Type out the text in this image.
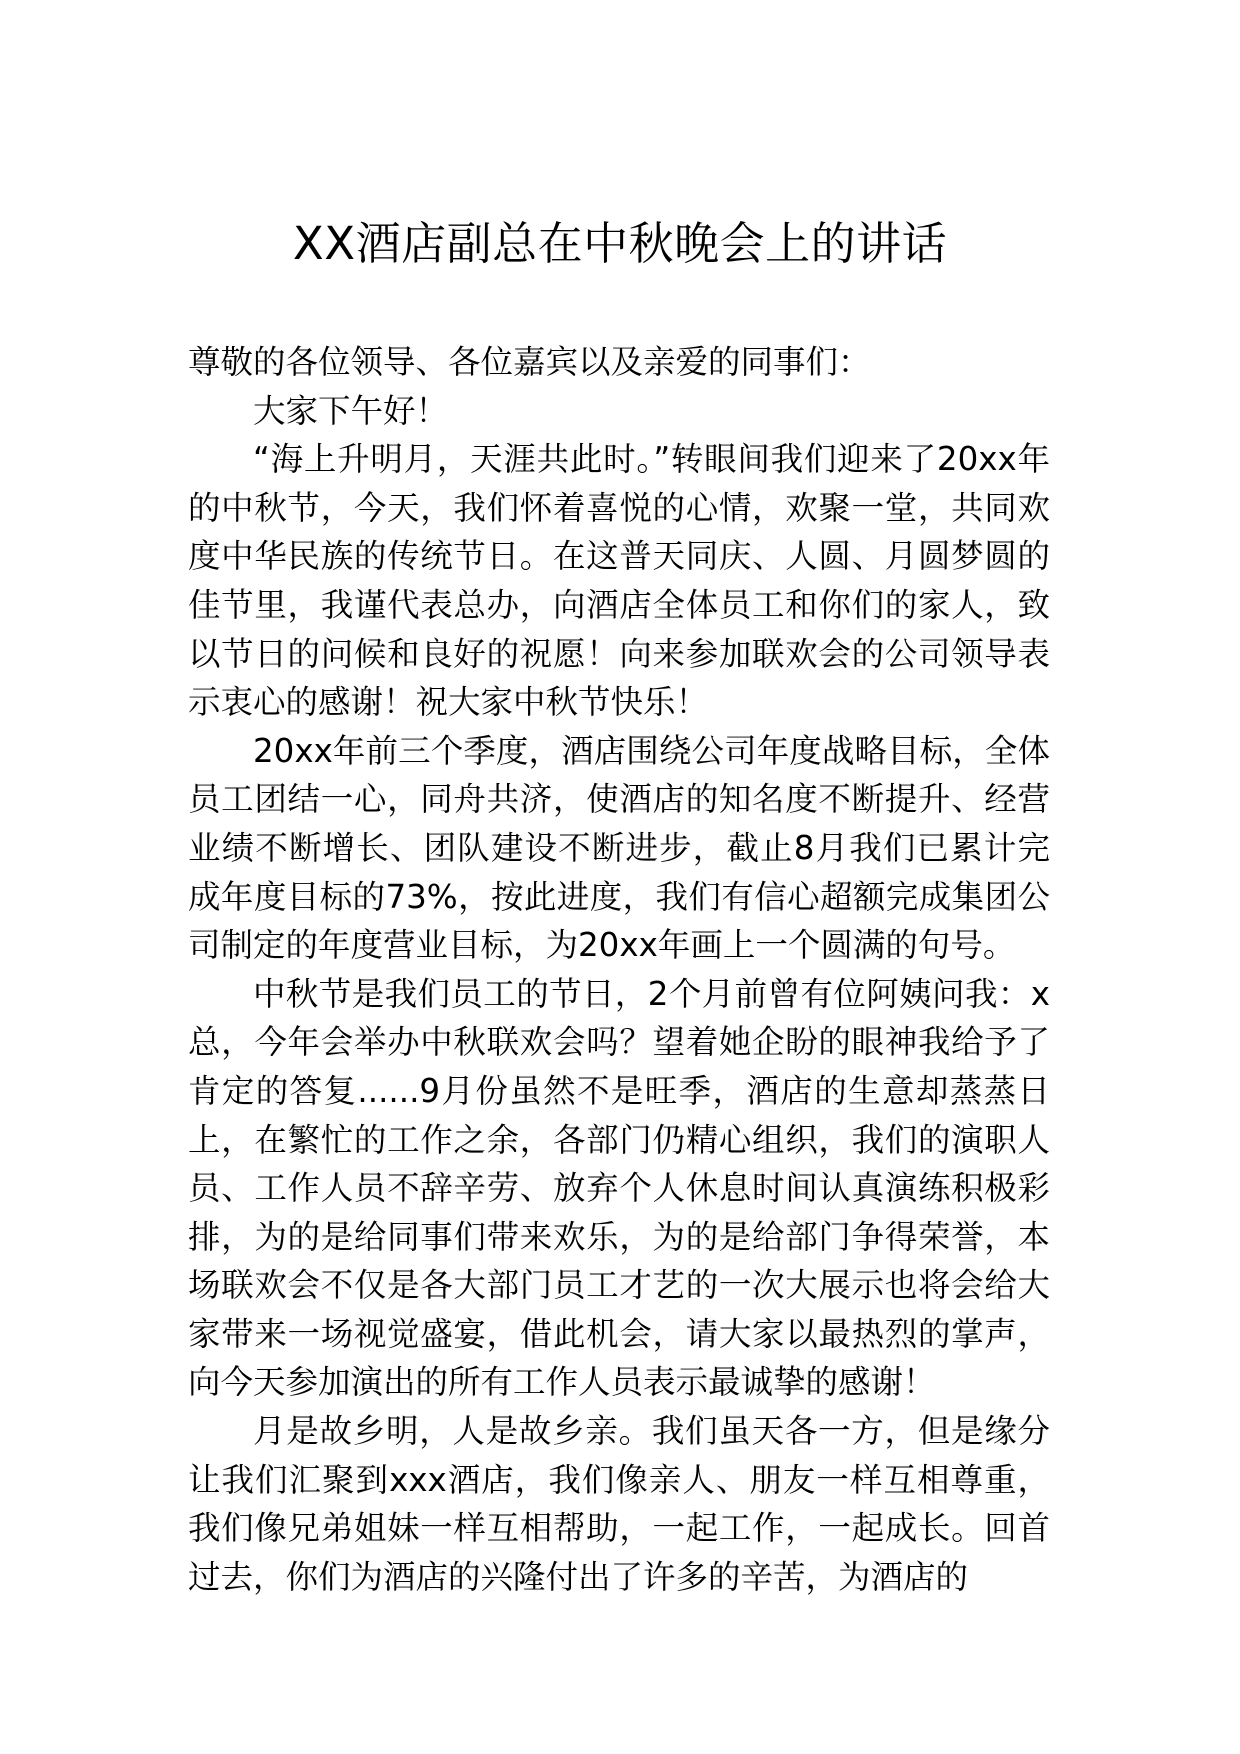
XX酒店副总在中秋晚会上的讲话

尊敬的各位领导、各位嘉宾以及亲爱的同事们：

大家下午好！

“海上升明月，天涯共此时。”转眼间我们迎来了20xx年的中秋节，今天，我们怀着喜悦的心情，欢聚一堂，共同欢度中华民族的传统节日。在这普天同庆、人圆、月圆梦圆的佳节里，我谨代表总办，向酒店全体员工和你们的家人，致以节日的问候和良好的祝愿！向来参加联欢会的公司领导表示衷心的感谢！祝大家中秋节快乐！

20xx年前三个季度，酒店围绕公司年度战略目标，全体员工团结一心，同舟共济，使酒店的知名度不断提升、经营业绩不断增长、团队建设不断进步，截止8月我们已累计完成年度目标的73%，按此进度，我们有信心超额完成集团公司制定的年度营业目标，为20xx年画上一个圆满的句号。

中秋节是我们员工的节日，2个月前曾有位阿姨问我：x总，今年会举办中秋联欢会吗？望着她企盼的眼神我给予了肯定的答复......9月份虽然不是旺季，酒店的生意却蒸蒸日上，在繁忙的工作之余，各部门仍精心组织，我们的演职人员、工作人员不辞辛劳、放弃个人休息时间认真演练积极彩排，为的是给同事们带来欢乐，为的是给部门争得荣誉，本场联欢会不仅是各大部门员工才艺的一次大展示也将会给大家带来一场视觉盛宴，借此机会，请大家以最热烈的掌声，向今天参加演出的所有工作人员表示最诚挚的感谢！

月是故乡明，人是故乡亲。我们虽天各一方，但是缘分让我们汇聚到xxx酒店，我们像亲人、朋友一样互相尊重，我们像兄弟姐妹一样互相帮助，一起工作，一起成长。回首过去，你们为酒店的兴隆付出了许多的辛苦，为酒店的
